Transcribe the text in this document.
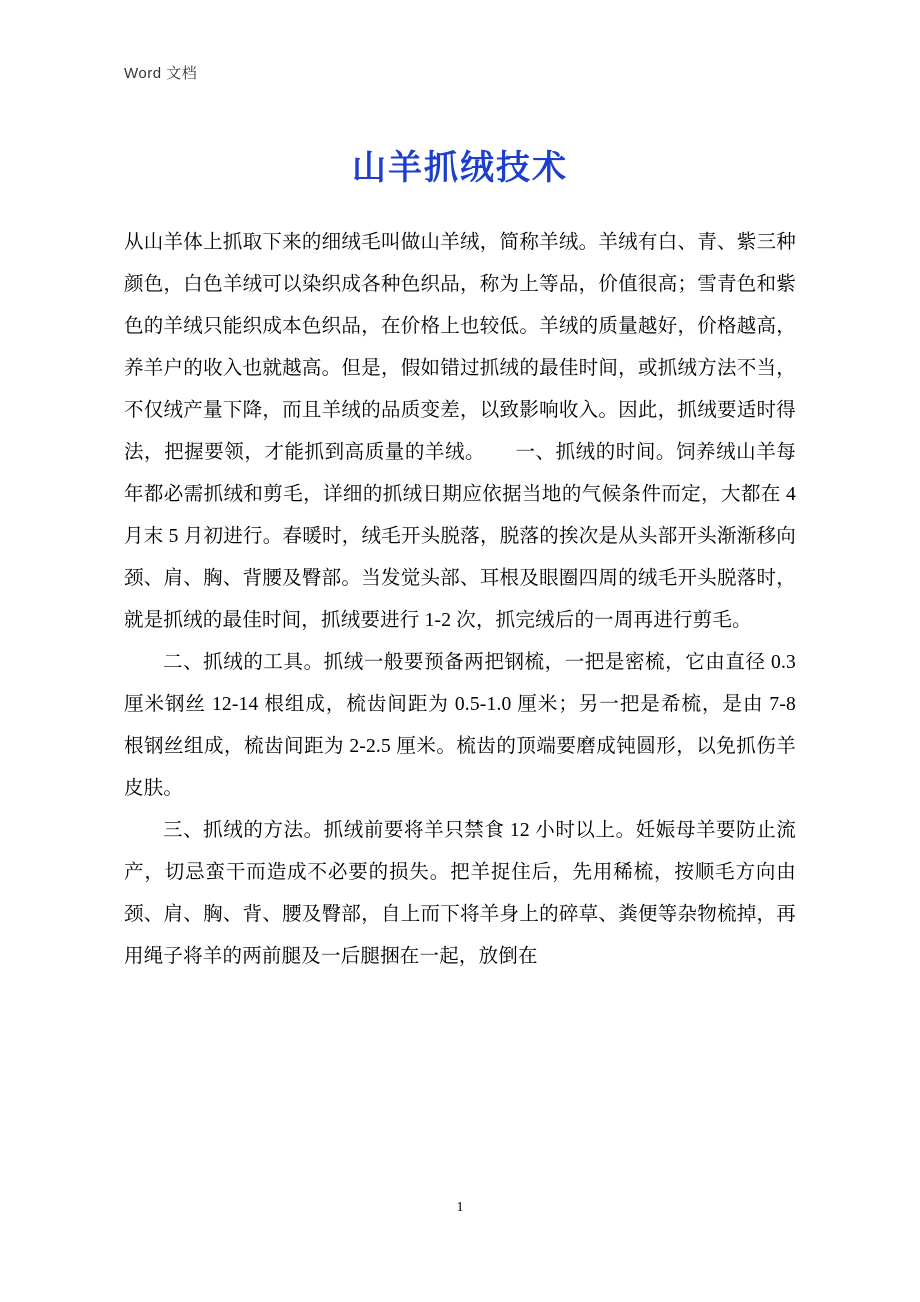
Word 文档
山羊抓绒技术

从山羊体上抓取下来的细绒毛叫做山羊绒，简称羊绒。羊绒有白、青、紫三种颜色，白色羊绒可以染织成各种色织品，称为上等品，价值很高；雪青色和紫色的羊绒只能织成本色织品，在价格上也较低。羊绒的质量越好，价格越高，养羊户的收入也就越高。但是，假如错过抓绒的最佳时间，或抓绒方法不当，不仅绒产量下降，而且羊绒的品质变差，以致影响收入。因此，抓绒要适时得法，把握要领，才能抓到高质量的羊绒。　　一、抓绒的时间。饲养绒山羊每年都必需抓绒和剪毛，详细的抓绒日期应依据当地的气候条件而定，大都在 4 月末 5 月初进行。春暖时，绒毛开头脱落，脱落的挨次是从头部开头渐渐移向颈、肩、胸、背腰及臀部。当发觉头部、耳根及眼圈四周的绒毛开头脱落时，就是抓绒的最佳时间，抓绒要进行 1-2 次，抓完绒后的一周再进行剪毛。

二、抓绒的工具。抓绒一般要预备两把钢梳，一把是密梳，它由直径 0.3 厘米钢丝 12-14 根组成，梳齿间距为 0.5-1.0 厘米；另一把是希梳，是由 7-8 根钢丝组成，梳齿间距为 2-2.5 厘米。梳齿的顶端要磨成钝圆形，以免抓伤羊皮肤。

三、抓绒的方法。抓绒前要将羊只禁食 12 小时以上。妊娠母羊要防止流产，切忌蛮干而造成不必要的损失。把羊捉住后，先用稀梳，按顺毛方向由颈、肩、胸、背、腰及臀部，自上而下将羊身上的碎草、粪便等杂物梳掉，再用绳子将羊的两前腿及一后腿捆在一起，放倒在

1
